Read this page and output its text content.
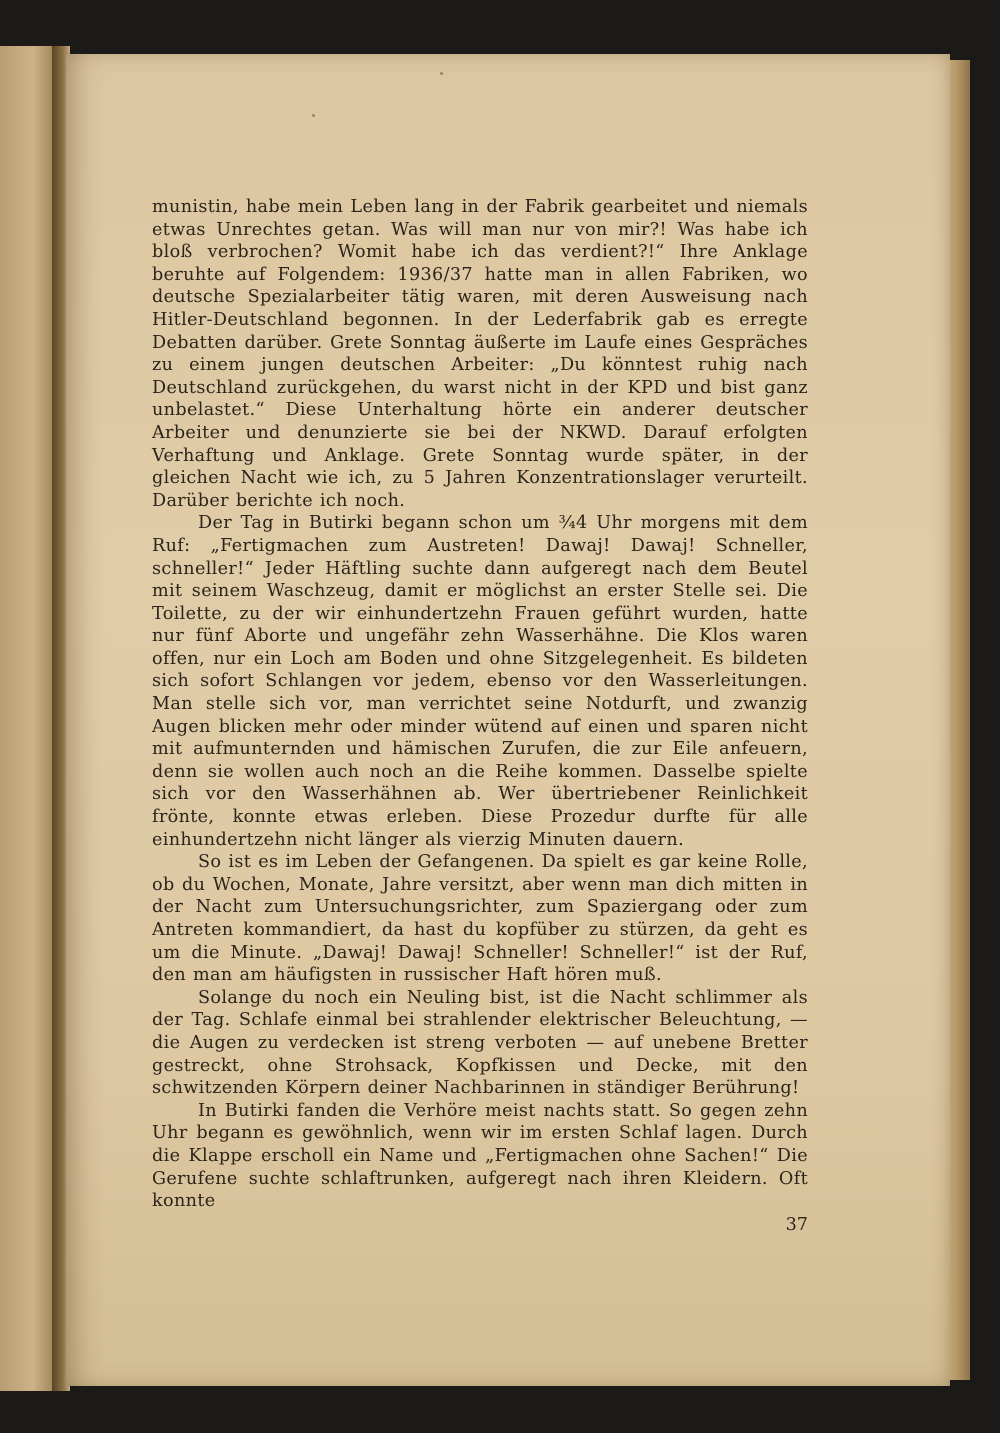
munistin, habe mein Leben lang in der Fabrik gearbeitet und niemals etwas Unrechtes getan. Was will man nur von mir?! Was habe ich bloß verbrochen? Womit habe ich das verdient?!“ Ihre Anklage beruhte auf Folgendem: 1936/37 hatte man in allen Fabriken, wo deutsche Spezialarbeiter tätig waren, mit deren Ausweisung nach Hitler-Deutschland begonnen. In der Lederfabrik gab es erregte Debatten darüber. Grete Sonntag äußerte im Laufe eines Gespräches zu einem jungen deutschen Arbeiter: „Du könntest ruhig nach Deutschland zurückgehen, du warst nicht in der KPD und bist ganz unbelastet.“ Diese Unterhaltung hörte ein anderer deutscher Arbeiter und denunzierte sie bei der NKWD. Darauf erfolgten Verhaftung und Anklage. Grete Sonntag wurde später, in der gleichen Nacht wie ich, zu 5 Jahren Konzentrationslager verurteilt. Darüber berichte ich noch.

Der Tag in Butirki begann schon um ¾4 Uhr morgens mit dem Ruf: „Fertigmachen zum Austreten! Dawaj! Dawaj! Schneller, schneller!“ Jeder Häftling suchte dann aufgeregt nach dem Beutel mit seinem Waschzeug, damit er möglichst an erster Stelle sei. Die Toilette, zu der wir einhundertzehn Frauen geführt wurden, hatte nur fünf Aborte und ungefähr zehn Wasserhähne. Die Klos waren offen, nur ein Loch am Boden und ohne Sitzgelegenheit. Es bildeten sich sofort Schlangen vor jedem, ebenso vor den Wasserleitungen. Man stelle sich vor, man verrichtet seine Notdurft, und zwanzig Augen blicken mehr oder minder wütend auf einen und sparen nicht mit aufmunternden und hämischen Zurufen, die zur Eile anfeuern, denn sie wollen auch noch an die Reihe kommen. Dasselbe spielte sich vor den Wasserhähnen ab. Wer übertriebener Reinlichkeit frönte, konnte etwas erleben. Diese Prozedur durfte für alle einhundertzehn nicht länger als vierzig Minuten dauern.

So ist es im Leben der Gefangenen. Da spielt es gar keine Rolle, ob du Wochen, Monate, Jahre versitzt, aber wenn man dich mitten in der Nacht zum Untersuchungsrichter, zum Spaziergang oder zum Antreten kommandiert, da hast du kopfüber zu stürzen, da geht es um die Minute. „Dawaj! Dawaj! Schneller! Schneller!“ ist der Ruf, den man am häufigsten in russischer Haft hören muß.

Solange du noch ein Neuling bist, ist die Nacht schlimmer als der Tag. Schlafe einmal bei strahlender elektrischer Beleuchtung, — die Augen zu verdecken ist streng verboten — auf unebene Bretter gestreckt, ohne Strohsack, Kopfkissen und Decke, mit den schwitzenden Körpern deiner Nachbarinnen in ständiger Berührung!

In Butirki fanden die Verhöre meist nachts statt. So gegen zehn Uhr begann es gewöhnlich, wenn wir im ersten Schlaf lagen. Durch die Klappe erscholl ein Name und „Fertigmachen ohne Sachen!“ Die Gerufene suchte schlaftrunken, aufgeregt nach ihren Kleidern. Oft konnte

37
